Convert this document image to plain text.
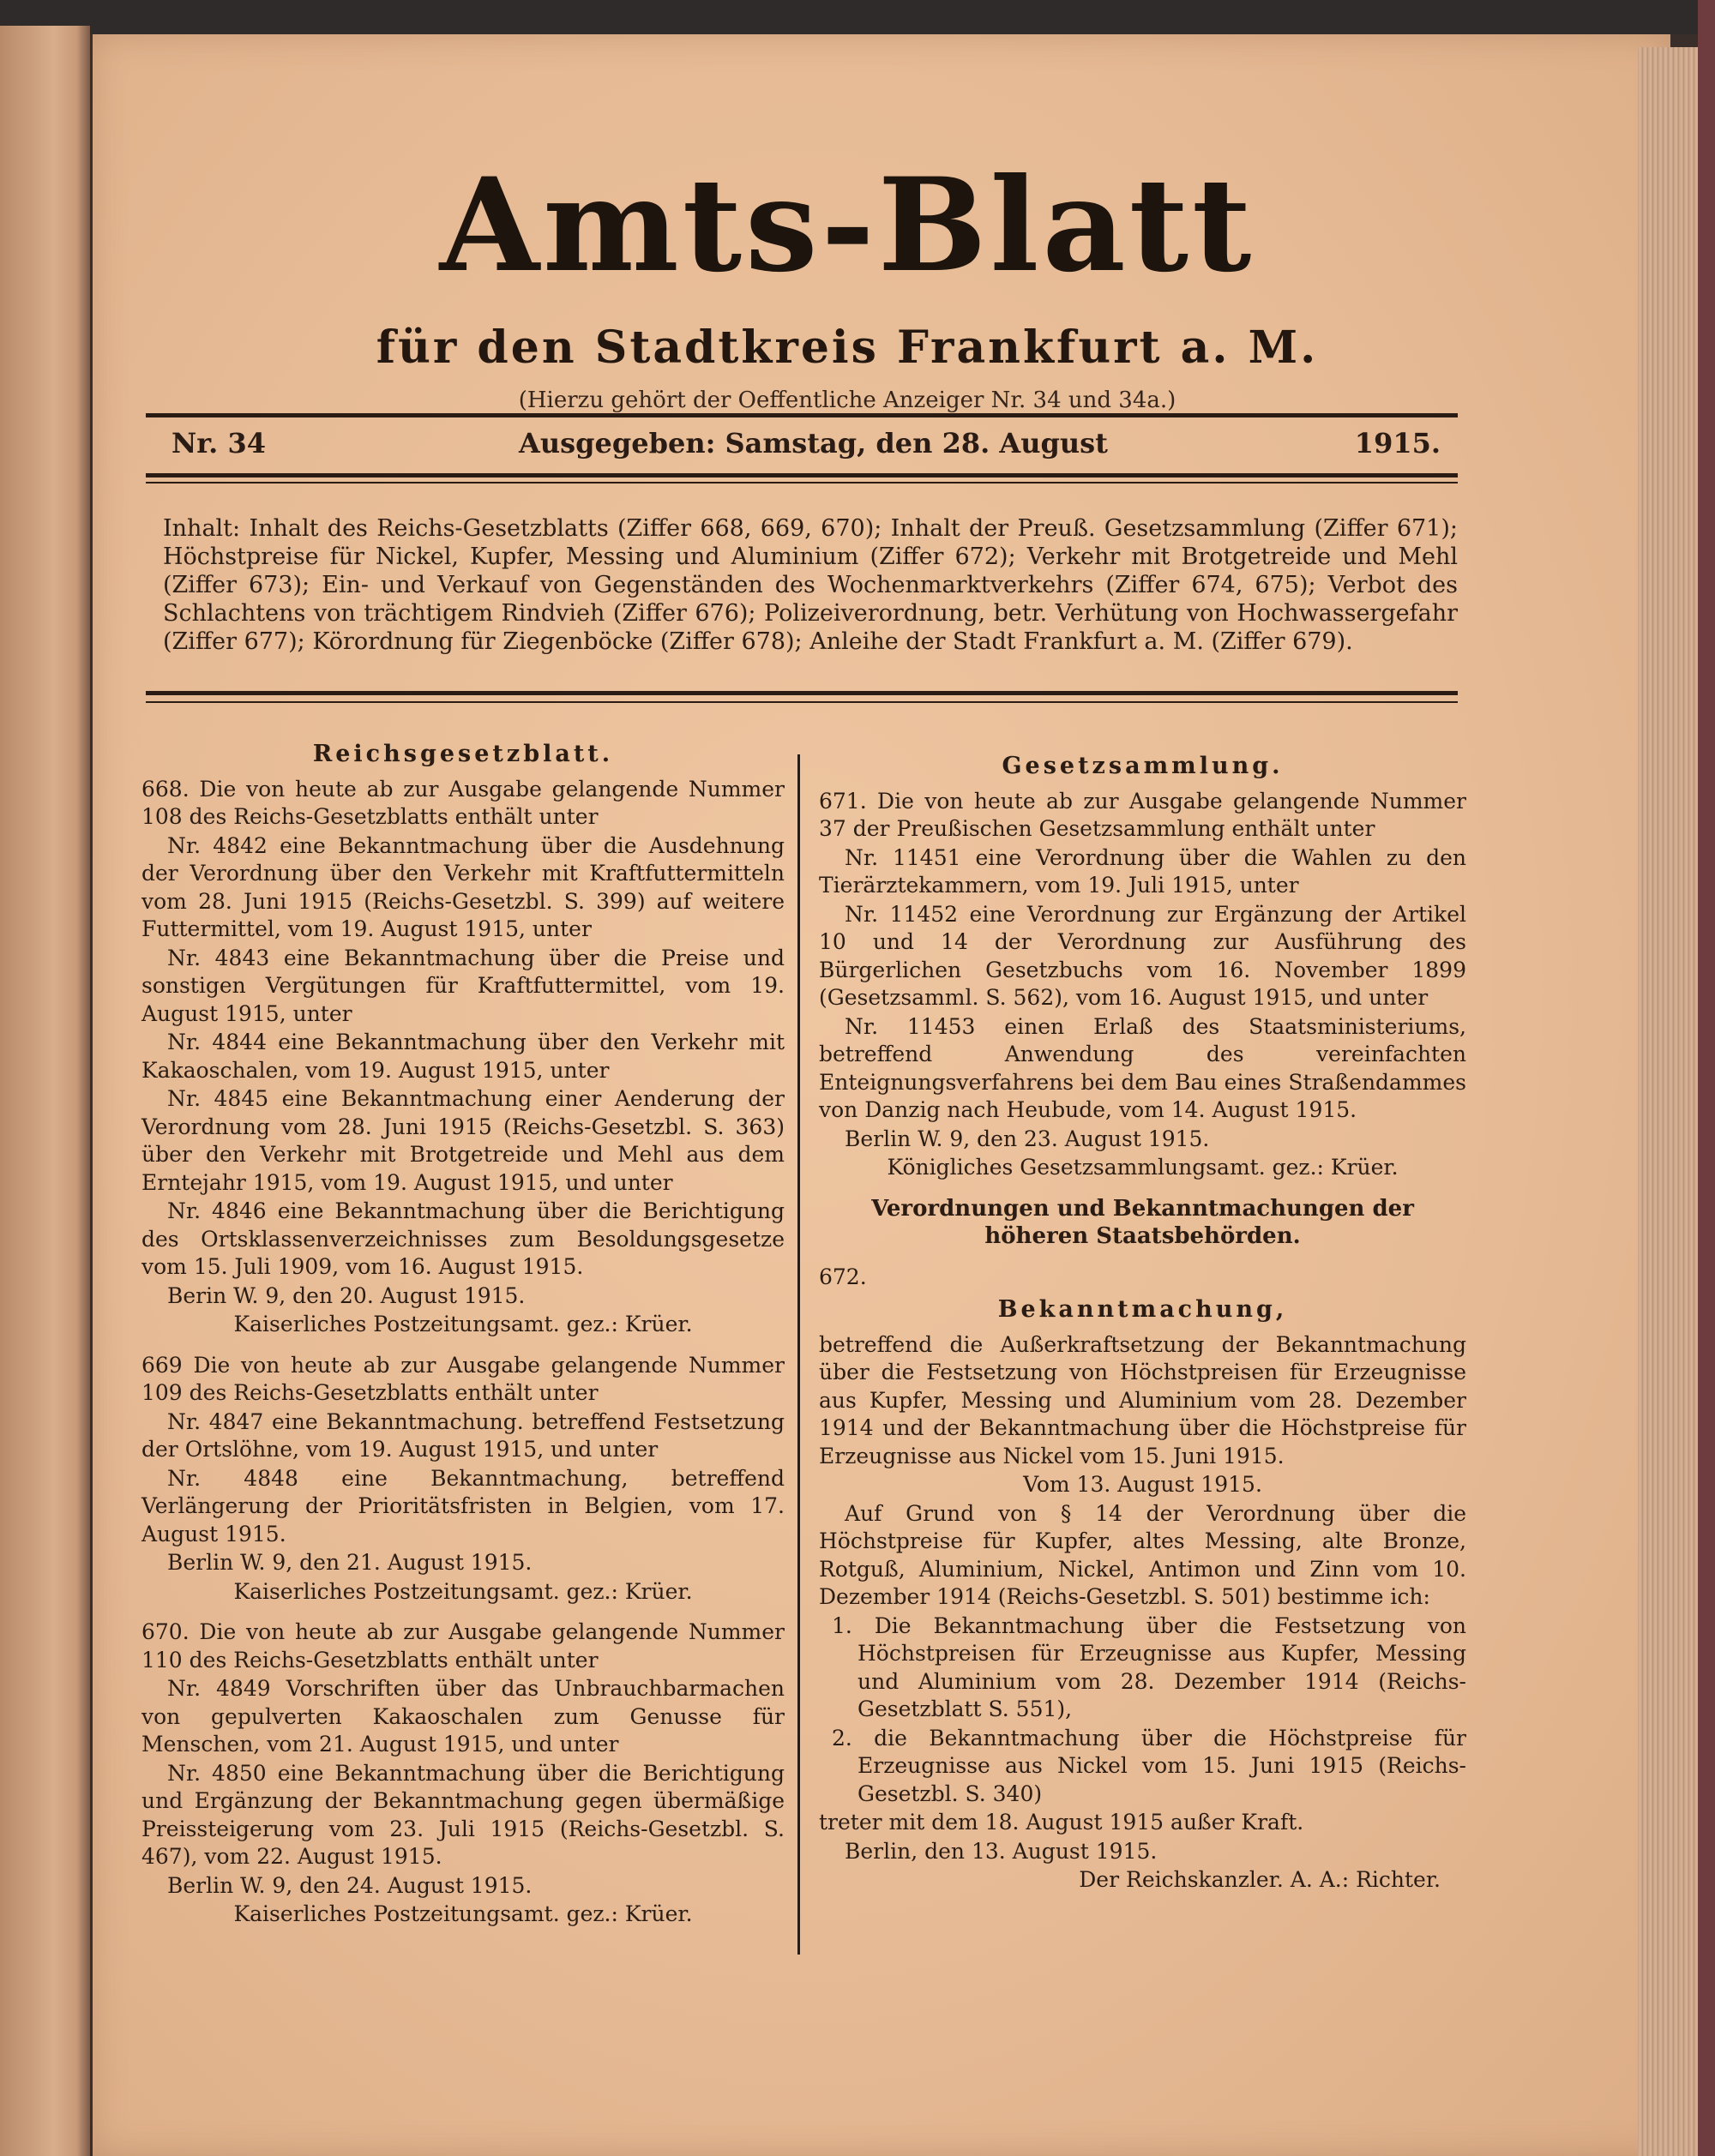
Amts-Blatt
für den Stadtkreis Frankfurt a. M.
(Hierzu gehört der Oeffentliche Anzeiger Nr. 34 und 34a.)
Nr. 34	Ausgegeben: Samstag, den 28. August	1915.
Inhalt: Inhalt des Reichs-Gesetzblatts (Ziffer 668, 669, 670); Inhalt der Preuß. Gesetzsammlung (Ziffer 671); Höchstpreise für Nickel, Kupfer, Messing und Aluminium (Ziffer 672); Verkehr mit Brotgetreide und Mehl (Ziffer 673); Ein- und Verkauf von Gegenständen des Wochenmarktverkehrs (Ziffer 674, 675); Verbot des Schlachtens von trächtigem Rindvieh (Ziffer 676); Polizeiverordnung, betr. Verhütung von Hochwassergefahr (Ziffer 677); Körordnung für Ziegenböcke (Ziffer 678); Anleihe der Stadt Frankfurt a. M. (Ziffer 679).

Reichsgesetzblatt.

668. Die von heute ab zur Ausgabe gelangende Nummer 108 des Reichs-Gesetzblatts enthält unter

Nr. 4842 eine Bekanntmachung über die Ausdehnung der Verordnung über den Verkehr mit Kraftfuttermitteln vom 28. Juni 1915 (Reichs-Gesetzbl. S. 399) auf weitere Futtermittel, vom 19. August 1915, unter

Nr. 4843 eine Bekanntmachung über die Preise und sonstigen Vergütungen für Kraftfuttermittel, vom 19. August 1915, unter

Nr. 4844 eine Bekanntmachung über den Verkehr mit Kakaoschalen, vom 19. August 1915, unter

Nr. 4845 eine Bekanntmachung einer Aenderung der Verordnung vom 28. Juni 1915 (Reichs-Gesetzbl. S. 363) über den Verkehr mit Brotgetreide und Mehl aus dem Erntejahr 1915, vom 19. August 1915, und unter

Nr. 4846 eine Bekanntmachung über die Berichtigung des Ortsklassenverzeichnisses zum Besoldungsgesetze vom 15. Juli 1909, vom 16. August 1915.

Berin W. 9, den 20. August 1915.

Kaiserliches Postzeitungsamt. gez.: Krüer.

669 Die von heute ab zur Ausgabe gelangende Nummer 109 des Reichs-Gesetzblatts enthält unter

Nr. 4847 eine Bekanntmachung. betreffend Festsetzung der Ortslöhne, vom 19. August 1915, und unter

Nr. 4848 eine Bekanntmachung, betreffend Verlängerung der Prioritätsfristen in Belgien, vom 17. August 1915.

Berlin W. 9, den 21. August 1915.

Kaiserliches Postzeitungsamt. gez.: Krüer.

670. Die von heute ab zur Ausgabe gelangende Nummer 110 des Reichs-Gesetzblatts enthält unter

Nr. 4849 Vorschriften über das Unbrauchbarmachen von gepulverten Kakaoschalen zum Genusse für Menschen, vom 21. August 1915, und unter

Nr. 4850 eine Bekanntmachung über die Berichtigung und Ergänzung der Bekanntmachung gegen übermäßige Preissteigerung vom 23. Juli 1915 (Reichs-Gesetzbl. S. 467), vom 22. August 1915.

Berlin W. 9, den 24. August 1915.

Kaiserliches Postzeitungsamt. gez.: Krüer.

Gesetzsammlung.

671. Die von heute ab zur Ausgabe gelangende Nummer 37 der Preußischen Gesetzsammlung enthält unter

Nr. 11451 eine Verordnung über die Wahlen zu den Tierärztekammern, vom 19. Juli 1915, unter

Nr. 11452 eine Verordnung zur Ergänzung der Artikel 10 und 14 der Verordnung zur Ausführung des Bürgerlichen Gesetzbuchs vom 16. November 1899 (Gesetzsamml. S. 562), vom 16. August 1915, und unter

Nr. 11453 einen Erlaß des Staatsministeriums, betreffend Anwendung des vereinfachten Enteignungsverfahrens bei dem Bau eines Straßendammes von Danzig nach Heubude, vom 14. August 1915.

Berlin W. 9, den 23. August 1915.

Königliches Gesetzsammlungsamt. gez.: Krüer.

Verordnungen und Bekanntmachungen der höheren Staatsbehörden.

672.

Bekanntmachung,

betreffend die Außerkraftsetzung der Bekanntmachung über die Festsetzung von Höchstpreisen für Erzeugnisse aus Kupfer, Messing und Aluminium vom 28. Dezember 1914 und der Bekanntmachung über die Höchstpreise für Erzeugnisse aus Nickel vom 15. Juni 1915.

Vom 13. August 1915.

Auf Grund von § 14 der Verordnung über die Höchstpreise für Kupfer, altes Messing, alte Bronze, Rotguß, Aluminium, Nickel, Antimon und Zinn vom 10. Dezember 1914 (Reichs-Gesetzbl. S. 501) bestimme ich:

1. Die Bekanntmachung über die Festsetzung von Höchstpreisen für Erzeugnisse aus Kupfer, Messing und Aluminium vom 28. Dezember 1914 (Reichs-Gesetzblatt S. 551),

2. die Bekanntmachung über die Höchstpreise für Erzeugnisse aus Nickel vom 15. Juni 1915 (Reichs-Gesetzbl. S. 340)

treter mit dem 18. August 1915 außer Kraft.

Berlin, den 13. August 1915.

Der Reichskanzler. A. A.: Richter.
